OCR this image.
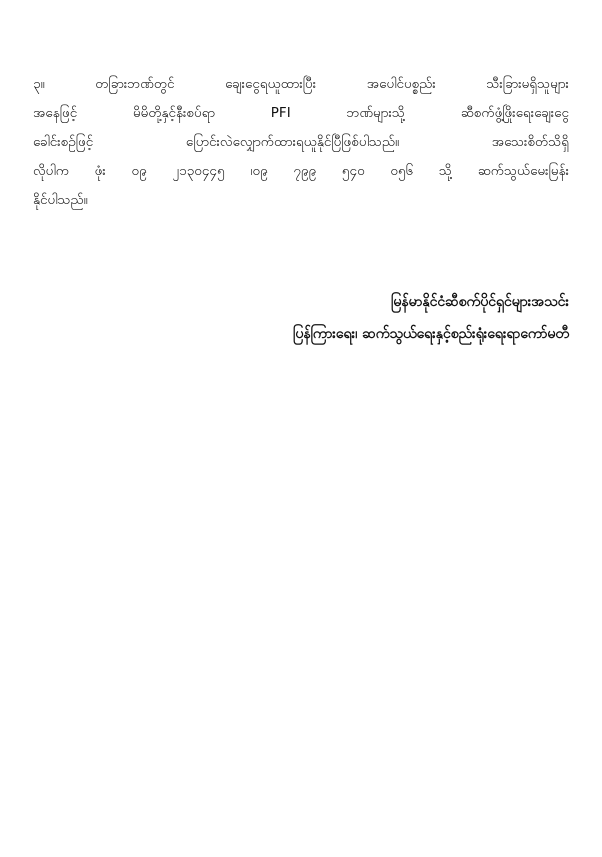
၃။ တခြားဘဏ်တွင် ချေးငွေရယူထားပြီး အပေါင်ပစ္စည်း သီးခြားမရှိသူများ
အနေဖြင့် မိမိတို့နှင့်နီးစပ်ရာ PFI ဘဏ်များသို့ ဆီစက်ဖွံ့ဖြိုးရေးချေးငွေ
ခေါင်းစဉ်ဖြင့် ပြောင်းလဲလျှောက်ထားရယူနိုင်ပြီဖြစ်ပါသည်။ အသေးစိတ်သိရှိ
လိုပါက ဖုံး ၀၉ ၂၁၃၀၄၄၅ ၊၀၉ ၇၉၉ ၅၄၀ ၀၅၆ သို့ ဆက်သွယ်မေးမြန်း
နိုင်ပါသည်။
မြန်မာနိုင်ငံဆီစက်ပိုင်ရှင်များအသင်း
ပြန်ကြားရေး၊ ဆက်သွယ်ရေးနှင့်စည်းရုံးရေးရာကော်မတီ
